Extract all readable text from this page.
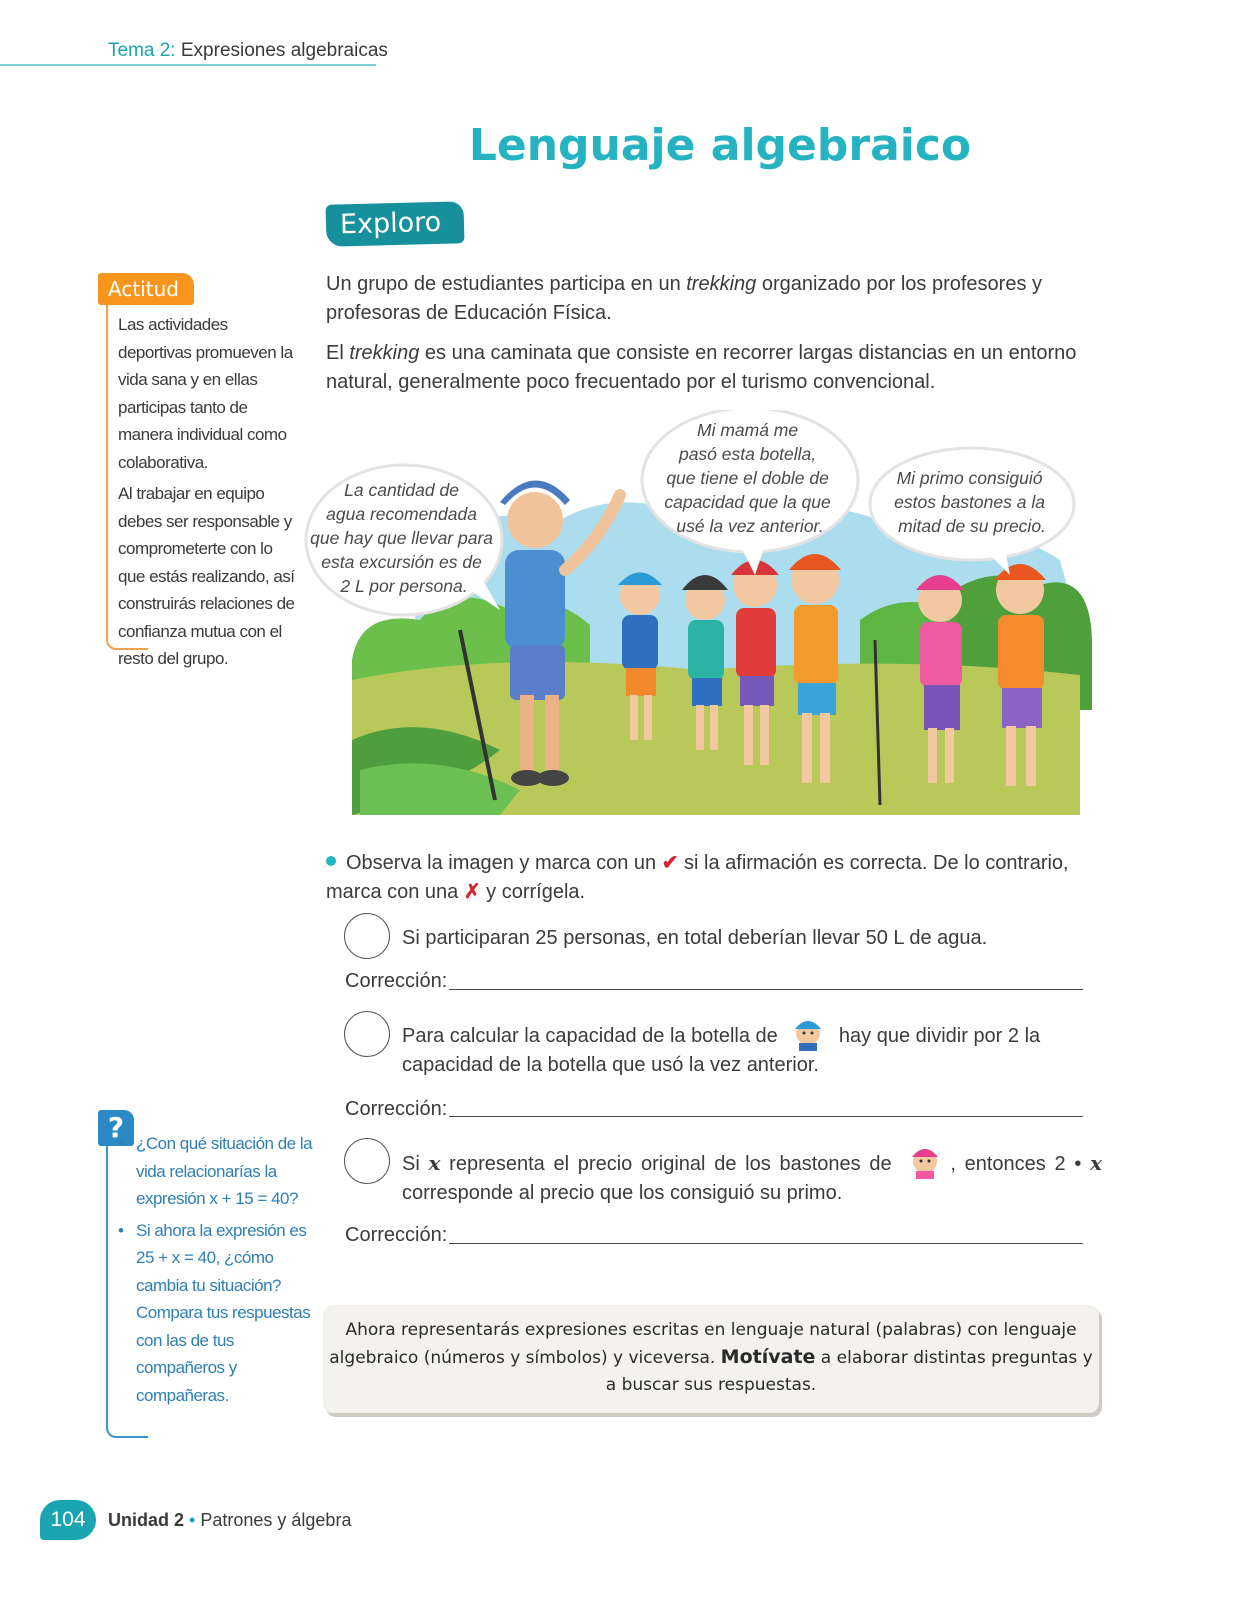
Tema 2: Expresiones algebraicas
Lenguaje algebraico
Exploro
Un grupo de estudiantes participa en un trekking organizado por los profesores y profesoras de Educación Física.
El trekking es una caminata que consiste en recorrer largas distancias en un entorno natural, generalmente poco frecuentado por el turismo convencional.
Actitud

Las actividades deportivas promueven la vida sana y en ellas participas tanto de manera individual como colaborativa.

Al trabajar en equipo debes ser responsable y comprometerte con lo que estás realizando, así construirás relaciones de confianza mutua con el resto del grupo.

La cantidad de agua recomendada que hay que llevar para esta excursión es de 2 L por persona.
Mi mamá me pasó esta botella, que tiene el doble de capacidad que la que usé la vez anterior.
Mi primo consiguió estos bastones a la mitad de su precio.
Observa la imagen y marca con un ✔ si la afirmación es correcta. De lo contrario, marca con una ✗ y corrígela.
Si participaran 25 personas, en total deberían llevar 50 L de agua.
Corrección:
Para calcular la capacidad de la botella de	hay que dividir por 2 la capacidad de la botella que usó la vez anterior.
Corrección:
Si x representa el precio original de los bastones de	, entonces 2 • x corresponde al precio que los consiguió su primo.
Corrección:
?
• ¿Con qué situación de la vida relacionarías la expresión x + 15 = 40?
• Si ahora la expresión es 25 + x = 40, ¿cómo cambia tu situación? Compara tus respuestas con las de tus compañeros y compañeras.
Ahora representarás expresiones escritas en lenguaje natural (palabras) con lenguaje algebraico (números y símbolos) y viceversa. Motívate a elaborar distintas preguntas y a buscar sus respuestas.
104	Unidad 2 • Patrones y álgebra
